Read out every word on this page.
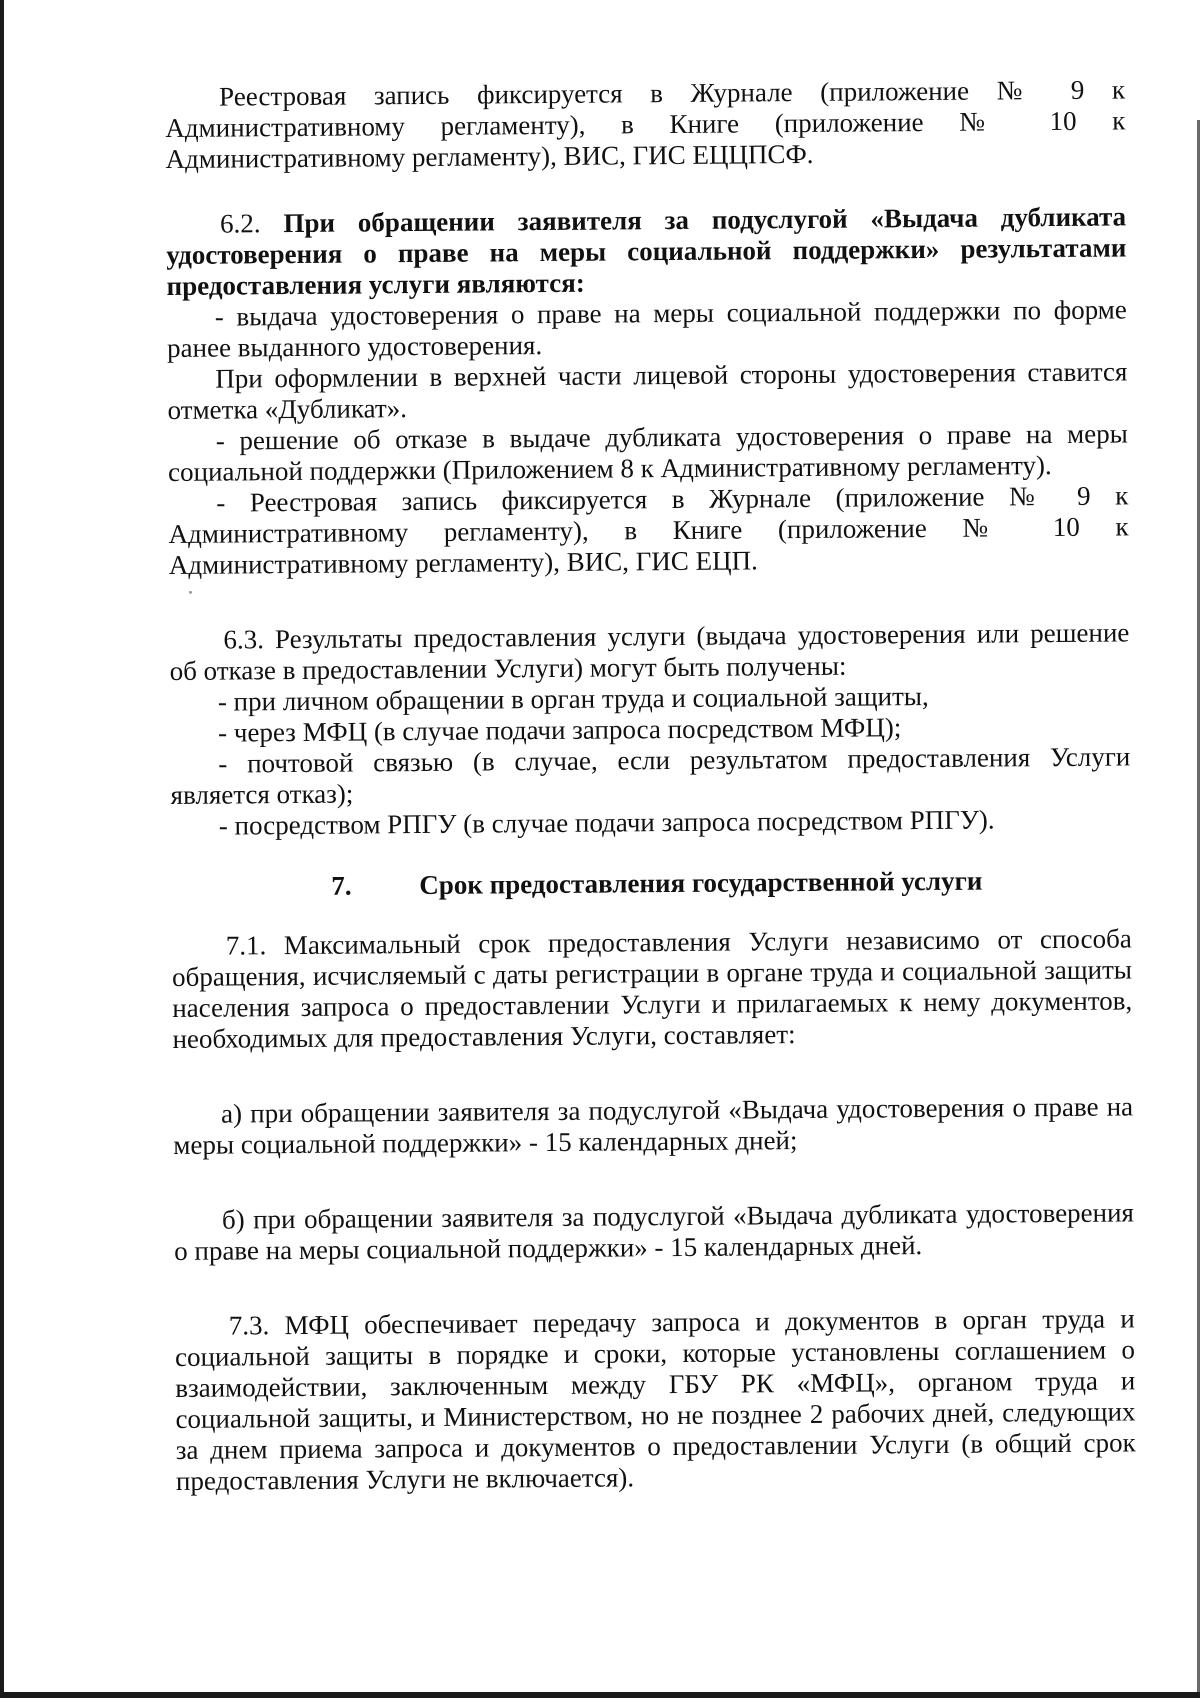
Реестровая запись фиксируется в Журнале (приложение № 9 к Административному регламенту), в Книге (приложение № 10 к Административному регламенту), ВИС, ГИС ЕЦЦПСФ.

6.2. При обращении заявителя за подуслугой «Выдача дубликата удостоверения о праве на меры социальной поддержки» результатами предоставления услуги являются:

- выдача удостоверения о праве на меры социальной поддержки по форме ранее выданного удостоверения.

При оформлении в верхней части лицевой стороны удостоверения ставится отметка «Дубликат».

- решение об отказе в выдаче дубликата удостоверения о праве на меры социальной поддержки (Приложением 8 к Административному регламенту).

- Реестровая запись фиксируется в Журнале (приложение № 9 к Административному регламенту), в Книге (приложение № 10 к Административному регламенту), ВИС, ГИС ЕЦП.

6.3. Результаты предоставления услуги (выдача удостоверения или решение об отказе в предоставлении Услуги) могут быть получены:

- при личном обращении в орган труда и социальной защиты,

- через МФЦ (в случае подачи запроса посредством МФЦ);

- почтовой связью (в случае, если результатом предоставления Услуги является отказ);

- посредством РПГУ (в случае подачи запроса посредством РПГУ).

7.	Срок предоставления государственной услуги

7.1. Максимальный срок предоставления Услуги независимо от способа обращения, исчисляемый с даты регистрации в органе труда и социальной защиты населения запроса о предоставлении Услуги и прилагаемых к нему документов, необходимых для предоставления Услуги, составляет:

а) при обращении заявителя за подуслугой «Выдача удостоверения о праве на меры социальной поддержки» - 15 календарных дней;

б) при обращении заявителя за подуслугой «Выдача дубликата удостоверения о праве на меры социальной поддержки» - 15 календарных дней.

7.3. МФЦ обеспечивает передачу запроса и документов в орган труда и социальной защиты в порядке и сроки, которые установлены соглашением о взаимодействии, заключенным между ГБУ РК «МФЦ», органом труда и социальной защиты, и Министерством, но не позднее 2 рабочих дней, следующих за днем приема запроса и документов о предоставлении Услуги (в общий срок предоставления Услуги не включается).
